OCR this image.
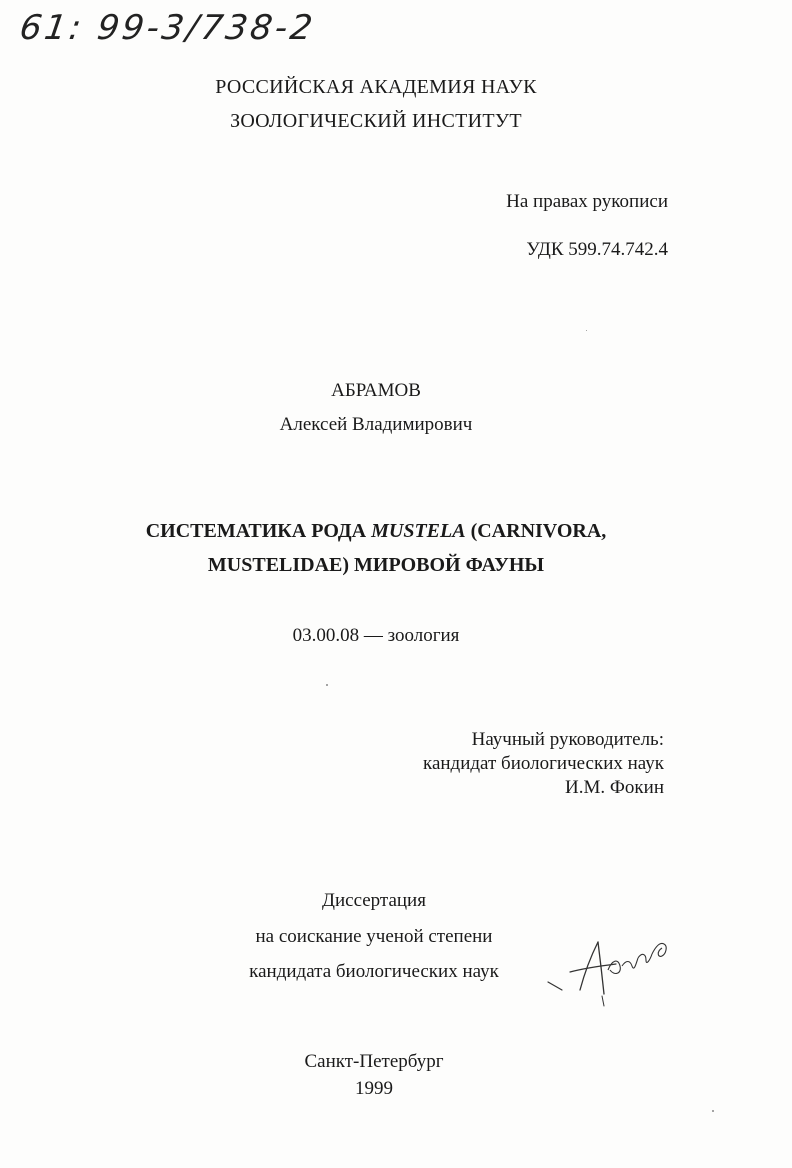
61: 99-3/738-2
РОССИЙСКАЯ АКАДЕМИЯ НАУК
ЗООЛОГИЧЕСКИЙ ИНСТИТУТ
На правах рукописи
УДК 599.74.742.4
АБРАМОВ
Алексей Владимирович
СИСТЕМАТИКА РОДА MUSTELA (CARNIVORA,
MUSTELIDAE) МИРОВОЙ ФАУНЫ
03.00.08 — зоология
Научный руководитель:
кандидат биологических наук
И.М. Фокин
Диссертация
на соискание ученой степени
кандидата биологических наук
Санкт-Петербург
1999
